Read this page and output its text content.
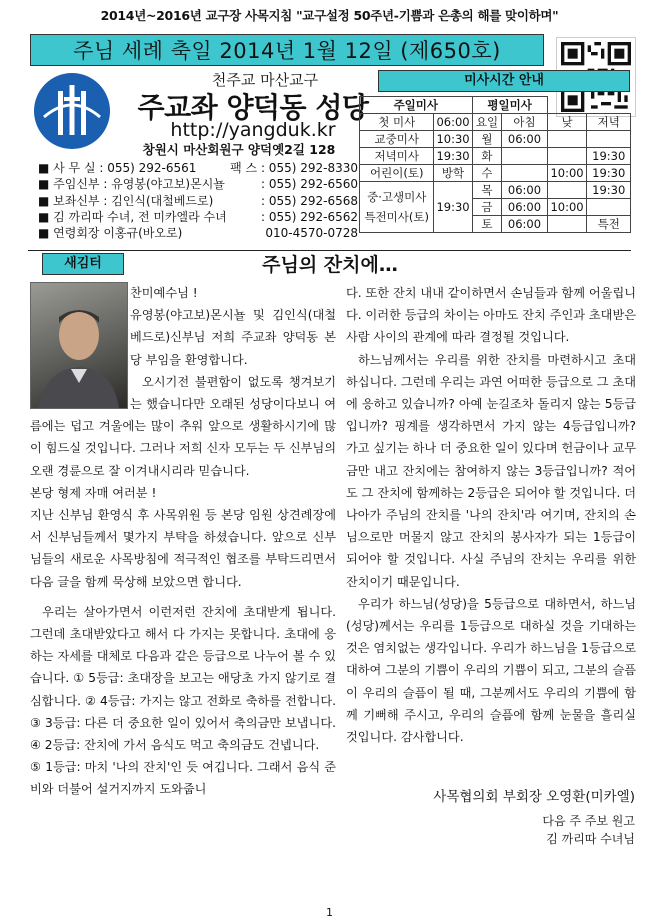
2014년~2016년 교구장 사목지침 "교구설정 50주년-기쁨과 은총의 해를 맞이하며"
주님 세례 축일 2014년 1월 12일 (제650호)
천주교 마산교구
주교좌 양덕동 성당
http://yangduk.kr
창원시 마산회원구 양덕옛2길 128
■ 사 무 실 : 055) 292-6561	팩 스 : 055) 292-8330
■ 주임신부 : 유영봉(야고보)몬시뇰	: 055) 292-6560
■ 보좌신부 : 김인식(대철베드로)	: 055) 292-6568
■ 김 까리따 수녀, 전 미카엘라 수녀	: 055) 292-6562
■ 연령회장 이홍규(바오로)	010-4570-0728
미사시간 안내
주일미사		평일미사			
첫 미사	06:00	요일	아침	낮	저녁
교중미사	10:30	월	06:00		
저녁미사	19:30	화			19:30
어린이(토)	방학	수		10:00	19:30
중·고생미사
특전미사(토)	19:30	목	06:00		19:30
		금	06:00	10:00	
		토	06:00		특전
새김터	주님의 잔치에…

찬미예수님 !

유영봉(야고보)몬시뇰 및 김인식(대철베드로)신부님 저희 주교좌 양덕동 본당 부임을 환영합니다.

오시기전 불편함이 없도록 챙겨보기는 했습니다만 오래된 성당이다보니 여름에는 덥고 겨울에는 많이 추워 앞으로 생활하시기에 많이 힘드실 것입니다. 그러나 저희 신자 모두는 두 신부님의 오랜 경륜으로 잘 이겨내시리라 믿습니다.

본당 형제 자매 여러분 !

지난 신부님 환영식 후 사목위원 등 본당 임원 상견례장에서 신부님들께서 몇가지 부탁을 하셨습니다. 앞으로 신부님들의 새로운 사목방침에 적극적인 협조를 부탁드리면서 다음 글을 함께 묵상해 보았으면 합니다.

우리는 살아가면서 이런저런 잔치에 초대받게 됩니다. 그런데 초대받았다고 해서 다 가지는 못합니다. 초대에 응하는 자세를 대체로 다음과 같은 등급으로 나누어 볼 수 있습니다. ① 5등급: 초대장을 보고는 애당초 가지 않기로 결심합니다. ② 4등급: 가지는 않고 전화로 축하를 전합니다. ③ 3등급: 다른 더 중요한 일이 있어서 축의금만 보냅니다. ④ 2등급: 잔치에 가서 음식도 먹고 축의금도 건넵니다.

⑤ 1등급: 마치 '나의 잔치'인 듯 여깁니다. 그래서 음식 준비와 더불어 설거지까지 도와줍니

다. 또한 잔치 내내 같이하면서 손님들과 함께 어울립니다. 이러한 등급의 차이는 아마도 잔치 주인과 초대받은 사람 사이의 관계에 따라 결정될 것입니다.

하느님께서는 우리를 위한 잔치를 마련하시고 초대하십니다. 그런데 우리는 과연 어떠한 등급으로 그 초대에 응하고 있습니까? 아예 눈길조차 돌리지 않는 5등급입니까? 핑계를 생각하면서 가지 않는 4등급입니까? 가고 싶기는 하나 더 중요한 일이 있다며 헌금이나 교무금만 내고 잔치에는 참여하지 않는 3등급입니까? 적어도 그 잔치에 함께하는 2등급은 되어야 할 것입니다. 더 나아가 주님의 잔치를 '나의 잔치'라 여기며, 잔치의 손님으로만 머물지 않고 잔치의 봉사자가 되는 1등급이 되어야 할 것입니다. 사실 주님의 잔치는 우리를 위한 잔치이기 때문입니다.

우리가 하느님(성당)을 5등급으로 대하면서, 하느님(성당)께서는 우리를 1등급으로 대하실 것을 기대하는 것은 염치없는 생각입니다. 우리가 하느님을 1등급으로 대하여 그분의 기쁨이 우리의 기쁨이 되고, 그분의 슬픔이 우리의 슬픔이 될 때, 그분께서도 우리의 기쁨에 함께 기뻐해 주시고, 우리의 슬픔에 함께 눈물을 흘리실 것입니다. 감사합니다.

사목협의회 부회장 오영환(미카엘)
다음 주 주보 원고
김 까리따 수녀님
1
